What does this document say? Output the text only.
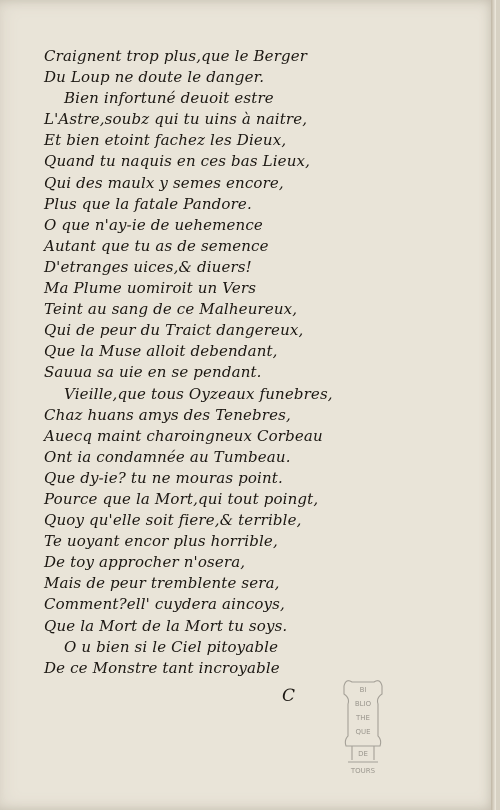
Craignent trop plus,que le Berger
Du Loup ne doute le danger.
Bien infortuné deuoit estre
L'Astre,soubz qui tu uins à naitre,
Et bien etoint fachez les Dieux,
Quand tu naquis en ces bas Lieux,
Qui des maulx y semes encore,
Plus que la fatale Pandore.
O que n'ay-ie de uehemence
Autant que tu as de semence
D'etranges uices,& diuers!
Ma Plume uomiroit un Vers
Teint au sang de ce Malheureux,
Qui de peur du Traict dangereux,
Que la Muse alloit debendant,
Sauua sa uie en se pendant.
Vieille,que tous Oyzeaux funebres,
Chaz huans amys des Tenebres,
Auecq maint charoingneux Corbeau
Ont ia condamnée au Tumbeau.
Que dy-ie? tu ne mouras point.
Pource que la Mort,qui tout poingt,
Quoy qu'elle soit fiere,& terrible,
Te uoyant encor plus horrible,
De toy approcher n'osera,
Mais de peur tremblente sera,
Comment?ell' cuydera aincoys,
Que la Mort de la Mort tu soys.
O u bien si le Ciel pitoyable
De ce Monstre tant incroyable
C	BI
BLIO
THE
QUE
DE
TOURS
